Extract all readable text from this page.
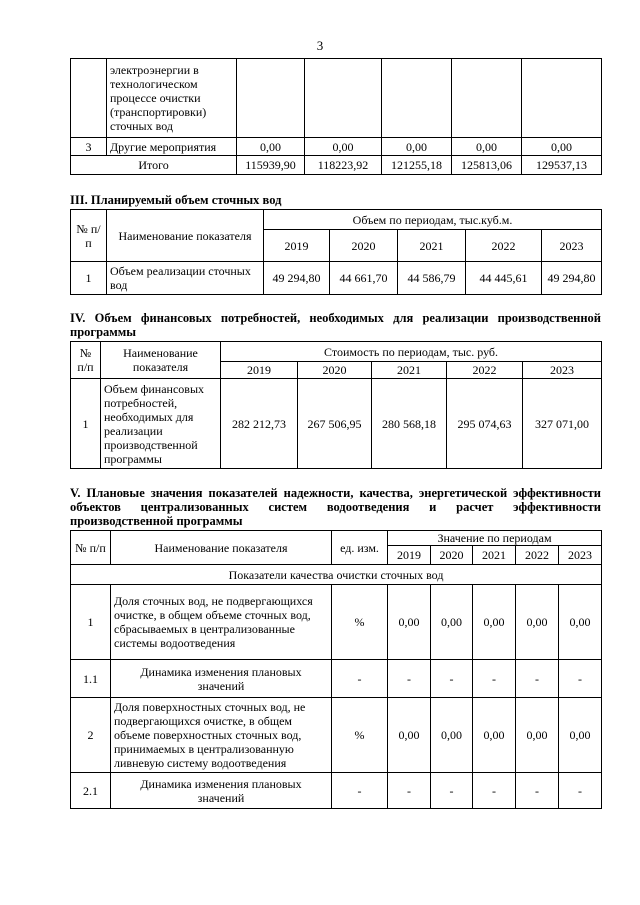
3
	электроэнергии в технологическом процессе очистки (транспортировки) сточных вод					
3	Другие мероприятия	0,00	0,00	0,00	0,00	0,00
Итого		115939,90	118223,92	121255,18	125813,06	129537,13
III. Планируемый объем сточных вод
№ п/п	Наименование показателя	Объем по периодам, тыс.куб.м.				
		2019	2020	2021	2022	2023
1	Объем реализации сточных вод	49 294,80	44 661,70	44 586,79	44 445,61	49 294,80
IV. Объем финансовых потребностей, необходимых для реализации производственной программы
№ п/п	Наименование показателя	Стоимость по периодам, тыс. руб.				
		2019	2020	2021	2022	2023
1	Объем финансовых потребностей, необходимых для реализации производственной программы	282 212,73	267 506,95	280 568,18	295 074,63	327 071,00
V. Плановые значения показателей надежности, качества, энергетической эффективности объектов централизованных систем водоотведения и расчет эффективности производственной программы
№ п/п	Наименование показателя	ед. изм.	Значение по периодам				
			2019	2020	2021	2022	2023
Показатели качества очистки сточных вод							
1	Доля сточных вод, не подвергающихся очистке, в общем объеме сточных вод, сбрасываемых в централизованные системы водоотведения	%	0,00	0,00	0,00	0,00	0,00
1.1	Динамика изменения плановых значений	-	-	-	-	-	-
2	Доля поверхностных сточных вод, не подвергающихся очистке, в общем объеме поверхностных сточных вод, принимаемых в централизованную ливневую систему водоотведения	%	0,00	0,00	0,00	0,00	0,00
2.1	Динамика изменения плановых значений	-	-	-	-	-	-
